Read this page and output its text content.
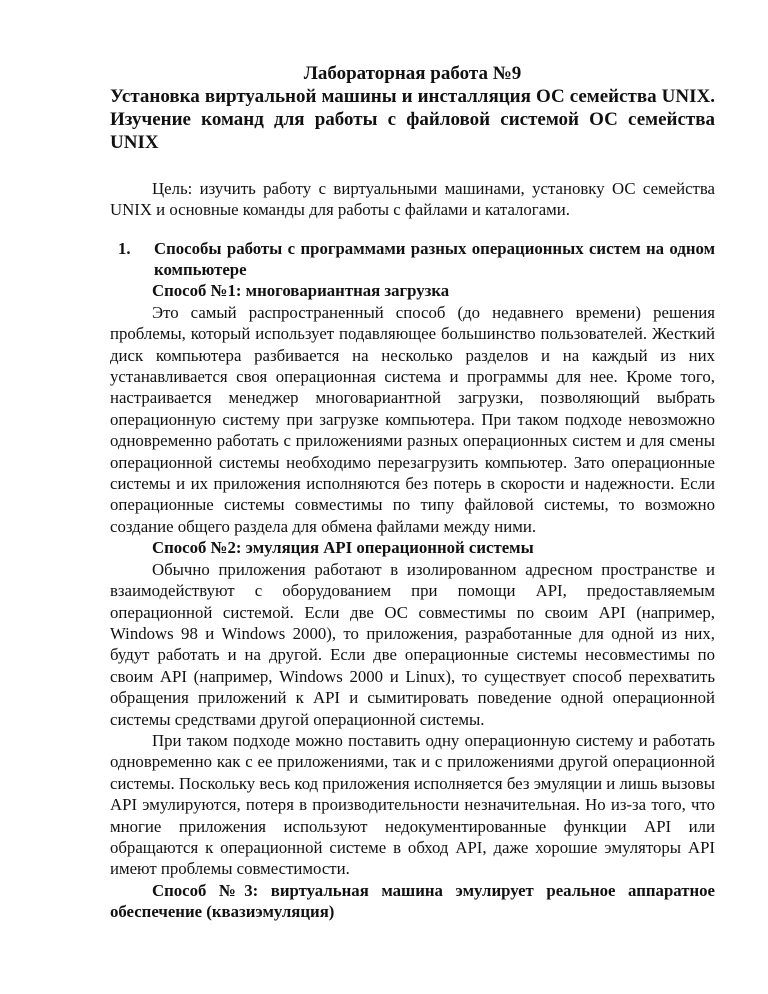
Лабораторная работа №9

Установка виртуальной машины и инсталляция ОС семейства UNIX. Изучение команд для работы с файловой системой ОС семейства UNIX

Цель: изучить работу с виртуальными машинами, установку ОС семейства UNIX и основные команды для работы с файлами и каталогами.

1. Способы работы с программами разных операционных систем на одном компьютере
Способ №1: многовариантная загрузка

Это самый распространенный способ (до недавнего времени) решения проблемы, который использует подавляющее большинство пользователей. Жесткий диск компьютера разбивается на несколько разделов и на каждый из них устанавливается своя операционная система и программы для нее. Кроме того, настраивается менеджер многовариантной загрузки, позволяющий выбрать операционную систему при загрузке компьютера. При таком подходе невозможно одновременно работать с приложениями разных операционных систем и для смены операционной системы необходимо перезагрузить компьютер. Зато операционные системы и их приложения исполняются без потерь в скорости и надежности. Если операционные системы совместимы по типу файловой системы, то возможно создание общего раздела для обмена файлами между ними.

Способ №2: эмуляция API операционной системы

Обычно приложения работают в изолированном адресном пространстве и взаимодействуют с оборудованием при помощи API, предоставляемым операционной системой. Если две ОС совместимы по своим API (например, Windows 98 и Windows 2000), то приложения, разработанные для одной из них, будут работать и на другой. Если две операционные системы несовместимы по своим API (например, Windows 2000 и Linux), то существует способ перехватить обращения приложений к API и сымитировать поведение одной операционной системы средствами другой операционной системы.

При таком подходе можно поставить одну операционную систему и работать одновременно как с ее приложениями, так и с приложениями другой операционной системы. Поскольку весь код приложения исполняется без эмуляции и лишь вызовы API эмулируются, потеря в производительности незначительная. Но из-за того, что многие приложения используют недокументированные функции API или обращаются к операционной системе в обход API, даже хорошие эмуляторы API имеют проблемы совместимости.

Способ №3: виртуальная машина эмулирует реальное аппаратное обеспечение (квазиэмуляция)
